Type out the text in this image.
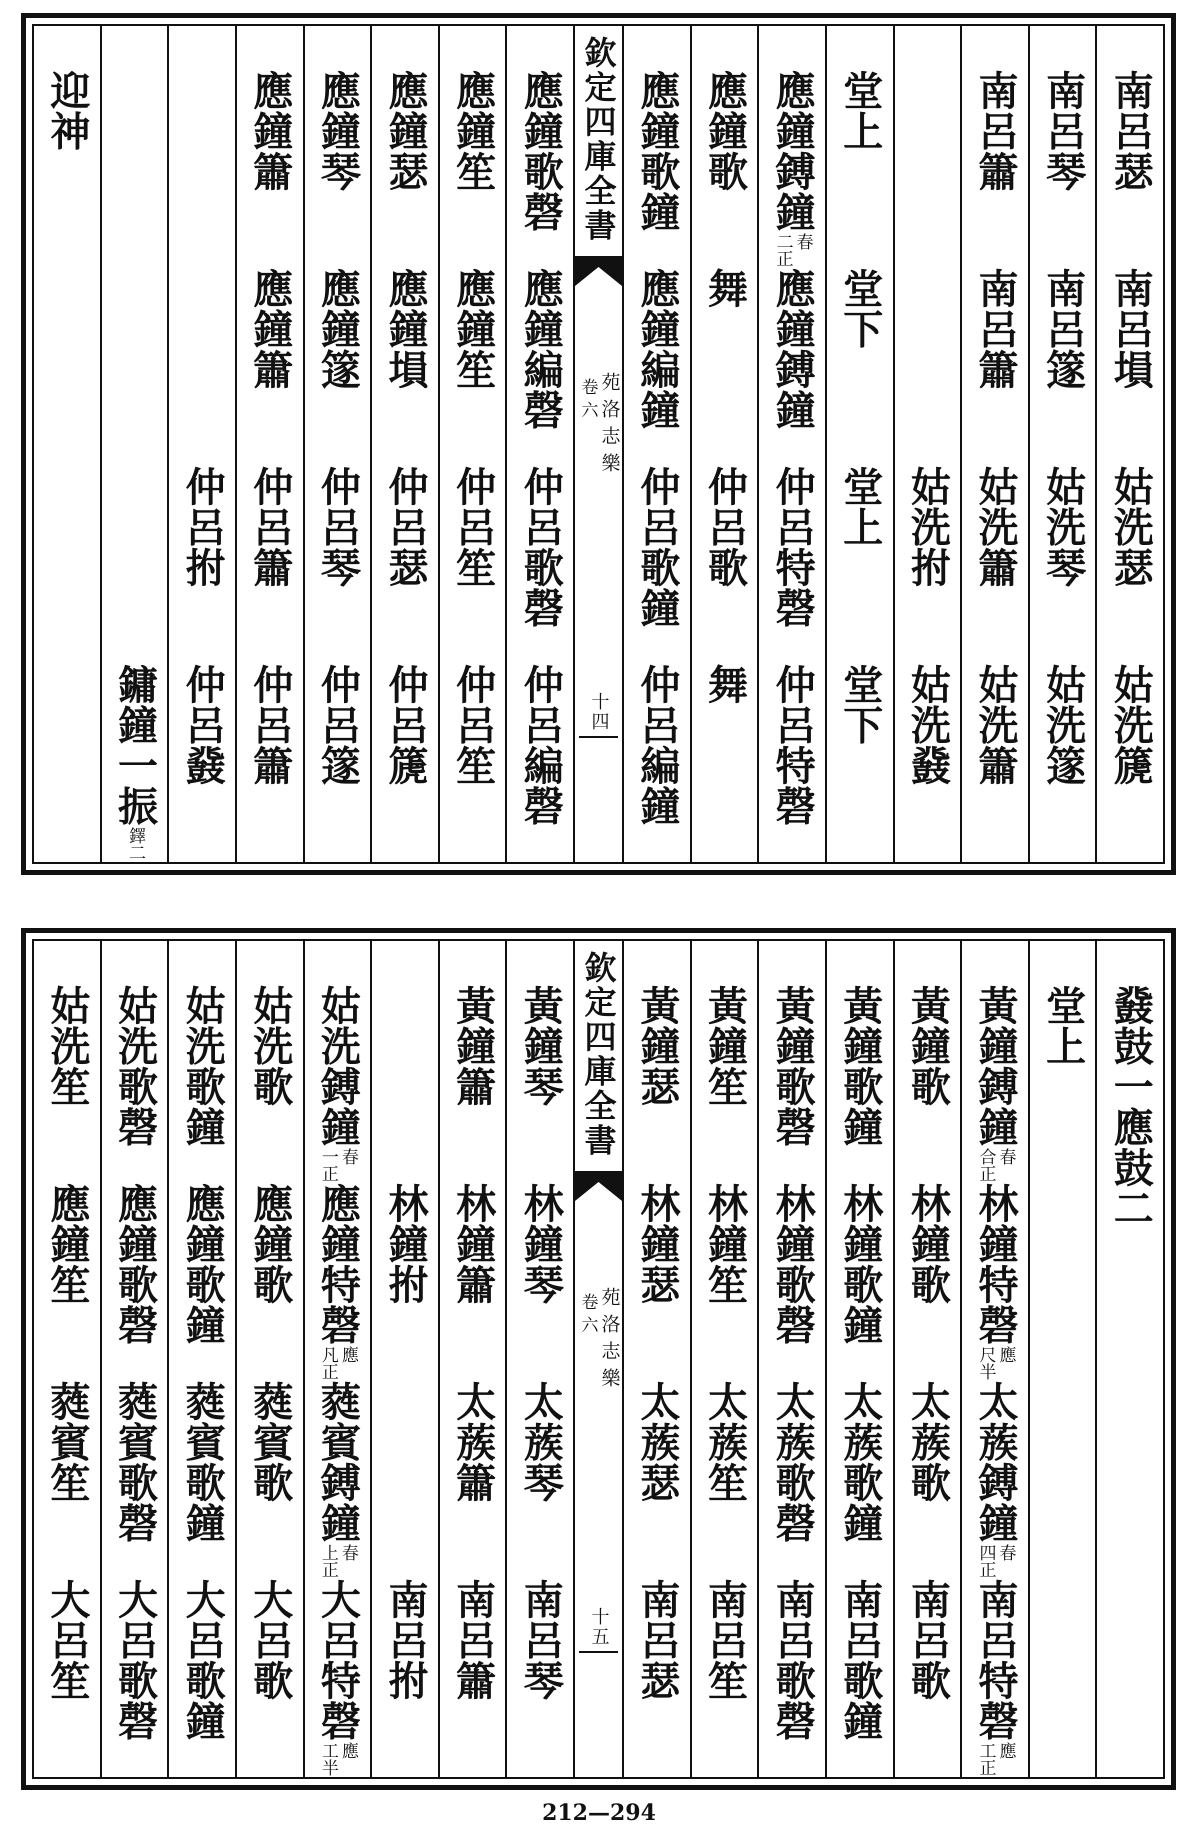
南呂瑟
南呂塤
姑洗瑟
姑洗篪
南呂琴
南呂篴
姑洗琴
姑洗篴
南呂簫
南呂簫
姑洗簫
姑洗簫
姑洗拊
姑洗鼗
堂上
堂下
堂上
堂下
應鐘鎛鐘
春
二正
應鐘鎛鐘
仲呂特磬
仲呂特磬
應鐘歌
舞
仲呂歌
舞
應鐘歌鐘
應鐘編鐘
仲呂歌鐘
仲呂編鐘
欽定四庫全書
苑洛志樂
卷六
十四
應鐘歌磬
應鐘編磬
仲呂歌磬
仲呂編磬
應鐘笙
應鐘笙
仲呂笙
仲呂笙
應鐘瑟
應鐘塤
仲呂瑟
仲呂篪
應鐘琴
應鐘篴
仲呂琴
仲呂篴
應鐘簫
應鐘簫
仲呂簫
仲呂簫
仲呂拊
仲呂鼗
鏞鐘一振
鐸二
迎神
鼗鼓一應鼓二
堂上
黃鐘鎛鐘
春
合正
林鐘特磬
應
尺半
太蔟鎛鐘
春
四正
南呂特磬
應
工正
黃鐘歌
林鐘歌
太蔟歌
南呂歌
黃鐘歌鐘
林鐘歌鐘
太蔟歌鐘
南呂歌鐘
黃鐘歌磬
林鐘歌磬
太蔟歌磬
南呂歌磬
黃鐘笙
林鐘笙
太蔟笙
南呂笙
黃鐘瑟
林鐘瑟
太蔟瑟
南呂瑟
欽定四庫全書
苑洛志樂
卷六
十五
黃鐘琴
林鐘琴
太蔟琴
南呂琴
黃鐘簫
林鐘簫
太蔟簫
南呂簫
林鐘拊
南呂拊
姑洗鎛鐘
春
一正
應鐘特磬
應
凡正
蕤賓鎛鐘
春
上正
大呂特磬
應
工半
姑洗歌
應鐘歌
蕤賓歌
大呂歌
姑洗歌鐘
應鐘歌鐘
蕤賓歌鐘
大呂歌鐘
姑洗歌磬
應鐘歌磬
蕤賓歌磬
大呂歌磬
姑洗笙
應鐘笙
蕤賓笙
大呂笙
212—294
